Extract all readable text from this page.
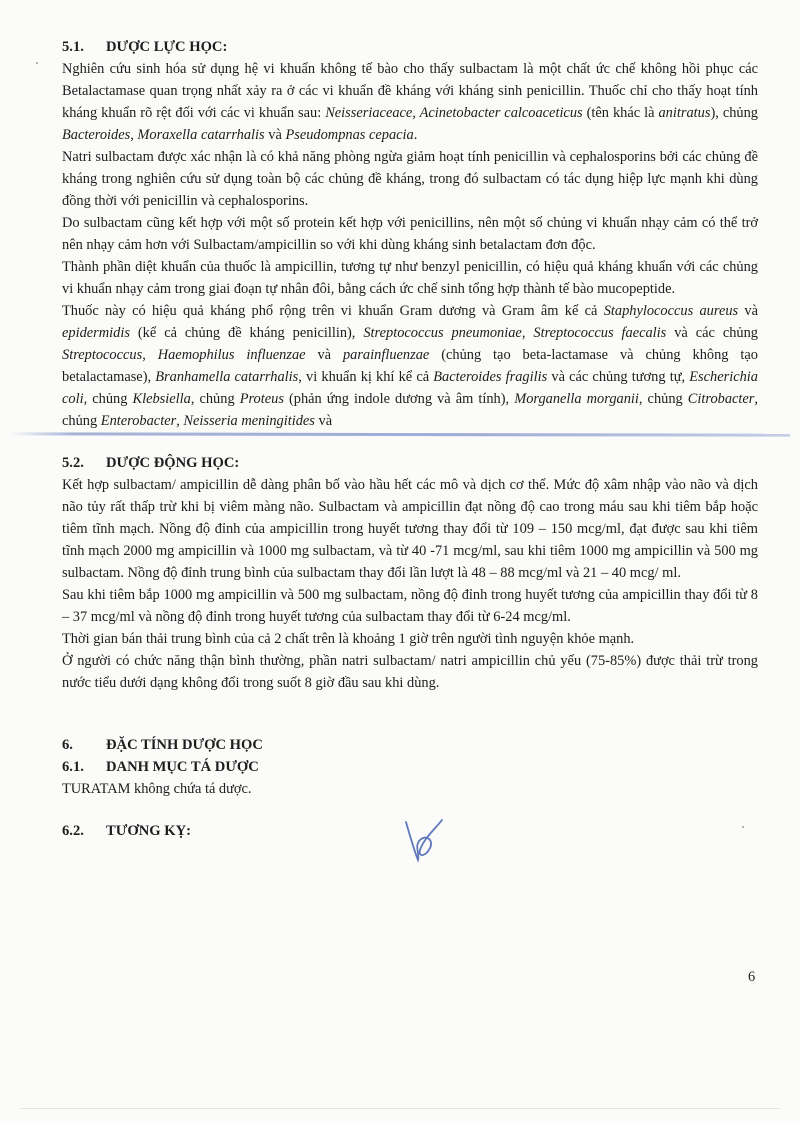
5.1.	DƯỢC LỰC HỌC:

Nghiên cứu sinh hóa sử dụng hệ vi khuẩn không tế bào cho thấy sulbactam là một chất ức chế không hồi phục các Betalactamase quan trọng nhất xảy ra ở các vi khuẩn đề kháng với kháng sinh penicillin. Thuốc chỉ cho thấy hoạt tính kháng khuẩn rõ rệt đối với các vi khuẩn sau: Neisseriaceace, Acinetobacter calcoaceticus (tên khác là anitratus), chủng Bacteroides, Moraxella catarrhalis và Pseudompnas cepacia.

Natri sulbactam được xác nhận là có khả năng phòng ngừa giảm hoạt tính penicillin và cephalosporins bởi các chủng đề kháng trong nghiên cứu sử dụng toàn bộ các chủng đề kháng, trong đó sulbactam có tác dụng hiệp lực mạnh khi dùng đồng thời với penicillin và cephalosporins.

Do sulbactam cũng kết hợp với một số protein kết hợp với penicillins, nên một số chủng vi khuẩn nhạy cảm có thể trở nên nhạy cảm hơn với Sulbactam/ampicillin so với khi dùng kháng sinh betalactam đơn độc.

Thành phần diệt khuẩn của thuốc là ampicillin, tương tự như benzyl penicillin, có hiệu quả kháng khuẩn với các chủng vi khuẩn nhạy cảm trong giai đoạn tự nhân đôi, bằng cách ức chế sinh tổng hợp thành tế bào mucopeptide.

Thuốc này có hiệu quả kháng phổ rộng trên vi khuẩn Gram dương và Gram âm kể cả Staphylococcus aureus và epidermidis (kể cả chủng đề kháng penicillin), Streptococcus pneumoniae, Streptococcus faecalis và các chủng Streptococcus, Haemophilus influenzae và parainfluenzae (chủng tạo beta-lactamase và chủng không tạo betalactamase), Branhamella catarrhalis, vi khuẩn kị khí kể cả Bacteroides fragilis và các chủng tương tự, Escherichia coli, chủng Klebsiella, chủng Proteus (phản ứng indole dương và âm tính), Morganella morganii, chủng Citrobacter, chủng Enterobacter, Neisseria meningitides và

5.2.	DƯỢC ĐỘNG HỌC:

Kết hợp sulbactam/ ampicillin dễ dàng phân bố vào hầu hết các mô và dịch cơ thể. Mức độ xâm nhập vào não và dịch não tủy rất thấp trừ khi bị viêm màng não. Sulbactam và ampicillin đạt nồng độ cao trong máu sau khi tiêm bắp hoặc tiêm tĩnh mạch. Nồng độ đỉnh của ampicillin trong huyết tương thay đổi từ 109 – 150 mcg/ml, đạt được sau khi tiêm tĩnh mạch 2000 mg ampicillin và 1000 mg sulbactam, và từ 40 -71 mcg/ml, sau khi tiêm 1000 mg ampicillin và 500 mg sulbactam. Nồng độ đỉnh trung bình của sulbactam thay đổi lần lượt là 48 – 88 mcg/ml và 21 – 40 mcg/ ml.

Sau khi tiêm bắp 1000 mg ampicillin và 500 mg sulbactam, nồng độ đỉnh trong huyết tương của ampicillin thay đổi từ 8 – 37 mcg/ml và nồng độ đỉnh trong huyết tương của sulbactam thay đổi từ 6-24 mcg/ml.

Thời gian bán thải trung bình của cả 2 chất trên là khoảng 1 giờ trên người tình nguyện khỏe mạnh.

Ở người có chức năng thận bình thường, phần natri sulbactam/ natri ampicillin chủ yếu (75-85%) được thải trừ trong nước tiểu dưới dạng không đổi trong suốt 8 giờ đầu sau khi dùng.

6.	ĐẶC TÍNH DƯỢC HỌC
6.1.	DANH MỤC TÁ DƯỢC

TURATAM không chứa tá dược.

6.2.	TƯƠNG KỴ:
6
